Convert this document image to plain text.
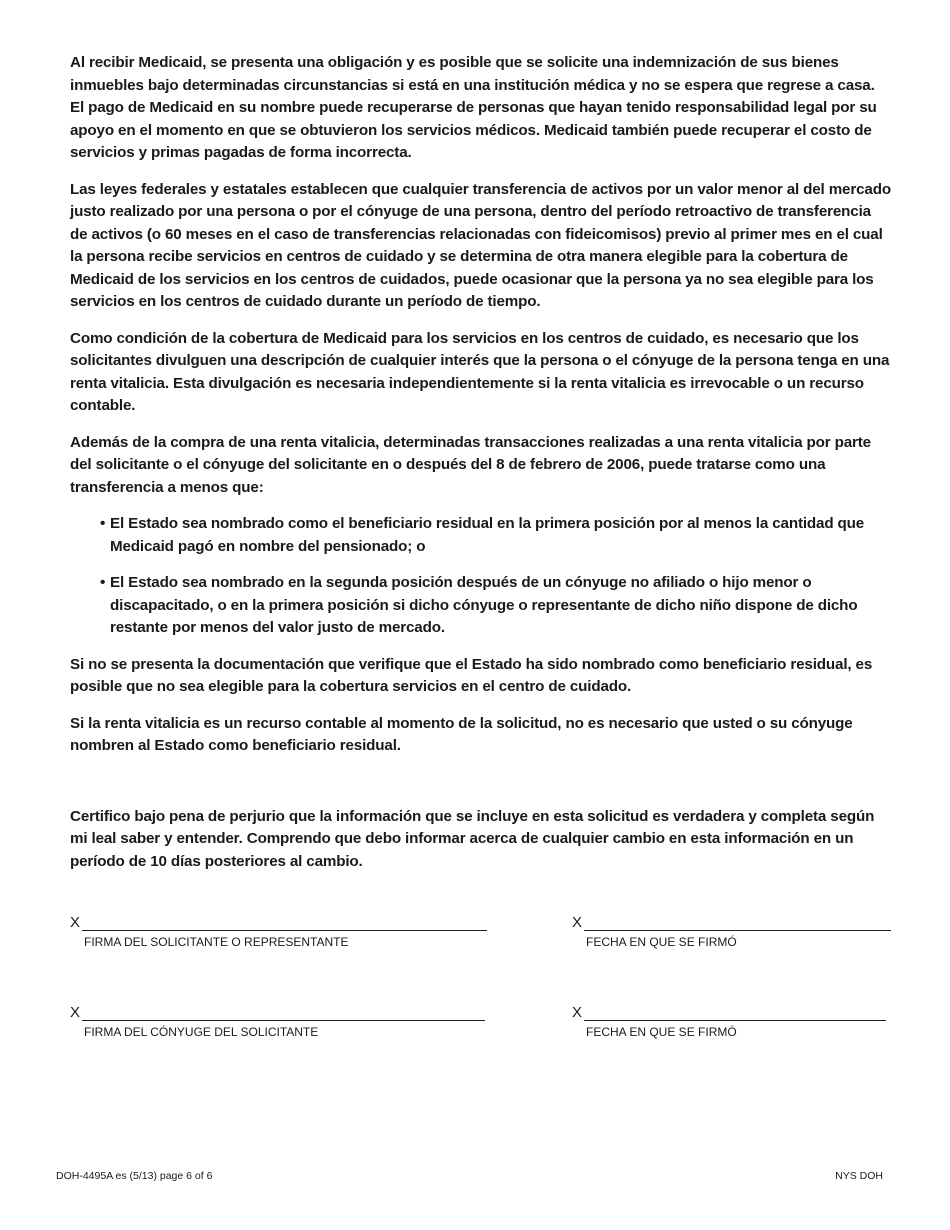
Al recibir Medicaid, se presenta una obligación y es posible que se solicite una indemnización de sus bienes inmuebles bajo determinadas circunstancias si está en una institución médica y no se espera que regrese a casa. El pago de Medicaid en su nombre puede recuperarse de personas que hayan tenido responsabilidad legal por su apoyo en el momento en que se obtuvieron los servicios médicos. Medicaid también puede recuperar el costo de servicios y primas pagadas de forma incorrecta.

Las leyes federales y estatales establecen que cualquier transferencia de activos por un valor menor al del mercado justo realizado por una persona o por el cónyuge de una persona, dentro del período retroactivo de transferencia de activos (o 60 meses en el caso de transferencias relacionadas con fideicomisos) previo al primer mes en el cual la persona recibe servicios en centros de cuidado y se determina de otra manera elegible para la cobertura de Medicaid de los servicios en los centros de cuidados, puede ocasionar que la persona ya no sea elegible para los servicios en los centros de cuidado durante un período de tiempo.

Como condición de la cobertura de Medicaid para los servicios en los centros de cuidado, es necesario que los solicitantes divulguen una descripción de cualquier interés que la persona o el cónyuge de la persona tenga en una renta vitalicia. Esta divulgación es necesaria independientemente si la renta vitalicia es irrevocable o un recurso contable.

Además de la compra de una renta vitalicia, determinadas transacciones realizadas a una renta vitalicia por parte del solicitante o el cónyuge del solicitante en o después del 8 de febrero de 2006, puede tratarse como una transferencia a menos que:

• El Estado sea nombrado como el beneficiario residual en la primera posición por al menos la cantidad que Medicaid pagó en nombre del pensionado; o
• El Estado sea nombrado en la segunda posición después de un cónyuge no afiliado o hijo menor o discapacitado, o en la primera posición si dicho cónyuge o representante de dicho niño dispone de dicho restante por menos del valor justo de mercado.

Si no se presenta la documentación que verifique que el Estado ha sido nombrado como beneficiario residual, es posible que no sea elegible para la cobertura servicios en el centro de cuidado.

Si la renta vitalicia es un recurso contable al momento de la solicitud, no es necesario que usted o su cónyuge nombren al Estado como beneficiario residual.

Certifico bajo pena de perjurio que la información que se incluye en esta solicitud es verdadera y completa según mi leal saber y entender. Comprendo que debo informar acerca de cualquier cambio en esta información en un período de 10 días posteriores al cambio.

X
FIRMA DEL SOLICITANTE O REPRESENTANTE
X
FECHA EN QUE SE FIRMÓ
X
FIRMA DEL CÓNYUGE DEL SOLICITANTE
X
FECHA EN QUE SE FIRMÓ
DOH-4495A es (5/13) page 6 of 6	NYS DOH
